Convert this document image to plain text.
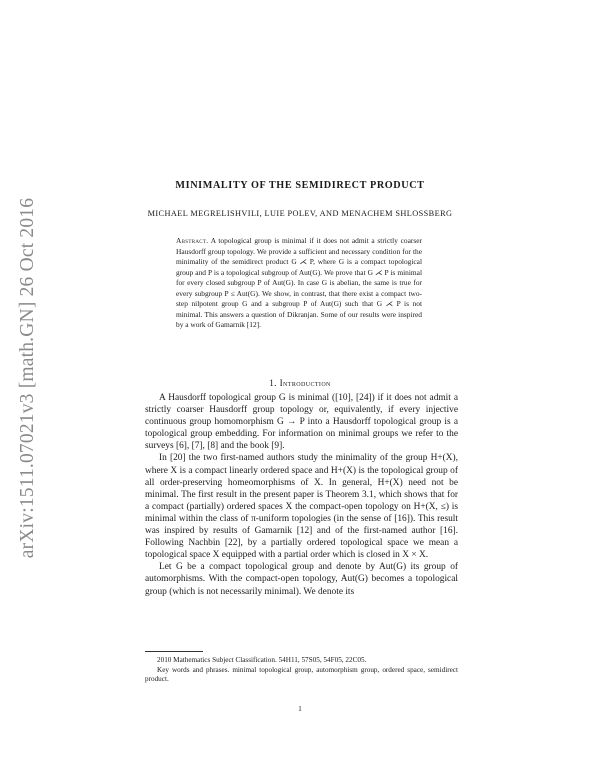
arXiv:1511.07021v3 [math.GN] 26 Oct 2016
MINIMALITY OF THE SEMIDIRECT PRODUCT
MICHAEL MEGRELISHVILI, LUIE POLEV, AND MENACHEM SHLOSSBERG
Abstract. A topological group is minimal if it does not admit a strictly coarser Hausdorff group topology. We provide a sufficient and necessary condition for the minimality of the semidirect product G ⋌ P, where G is a compact topological group and P is a topological subgroup of Aut(G). We prove that G ⋌ P is minimal for every closed subgroup P of Aut(G). In case G is abelian, the same is true for every subgroup P ≤ Aut(G). We show, in contrast, that there exist a compact two-step nilpotent group G and a subgroup P of Aut(G) such that G ⋌ P is not minimal. This answers a question of Dikranjan. Some of our results were inspired by a work of Gamarnik [12].
1. Introduction

A Hausdorff topological group G is minimal ([10], [24]) if it does not admit a strictly coarser Hausdorff group topology or, equivalently, if every injective continuous group homomorphism G → P into a Hausdorff topological group is a topological group embedding. For information on minimal groups we refer to the surveys [6], [7], [8] and the book [9].

In [20] the two first-named authors study the minimality of the group H+(X), where X is a compact linearly ordered space and H+(X) is the topological group of all order-preserving homeomorphisms of X. In general, H+(X) need not be minimal. The first result in the present paper is Theorem 3.1, which shows that for a compact (partially) ordered spaces X the compact-open topology on H+(X, ≤) is minimal within the class of π-uniform topologies (in the sense of [16]). This result was inspired by results of Gamarnik [12] and of the first-named author [16]. Following Nachbin [22], by a partially ordered topological space we mean a topological space X equipped with a partial order which is closed in X × X.

Let G be a compact topological group and denote by Aut(G) its group of automorphisms. With the compact-open topology, Aut(G) becomes a topological group (which is not necessarily minimal). We denote its

2010 Mathematics Subject Classification. 54H11, 57S05, 54F05, 22C05.

Key words and phrases. minimal topological group, automorphism group, ordered space, semidirect product.

1
